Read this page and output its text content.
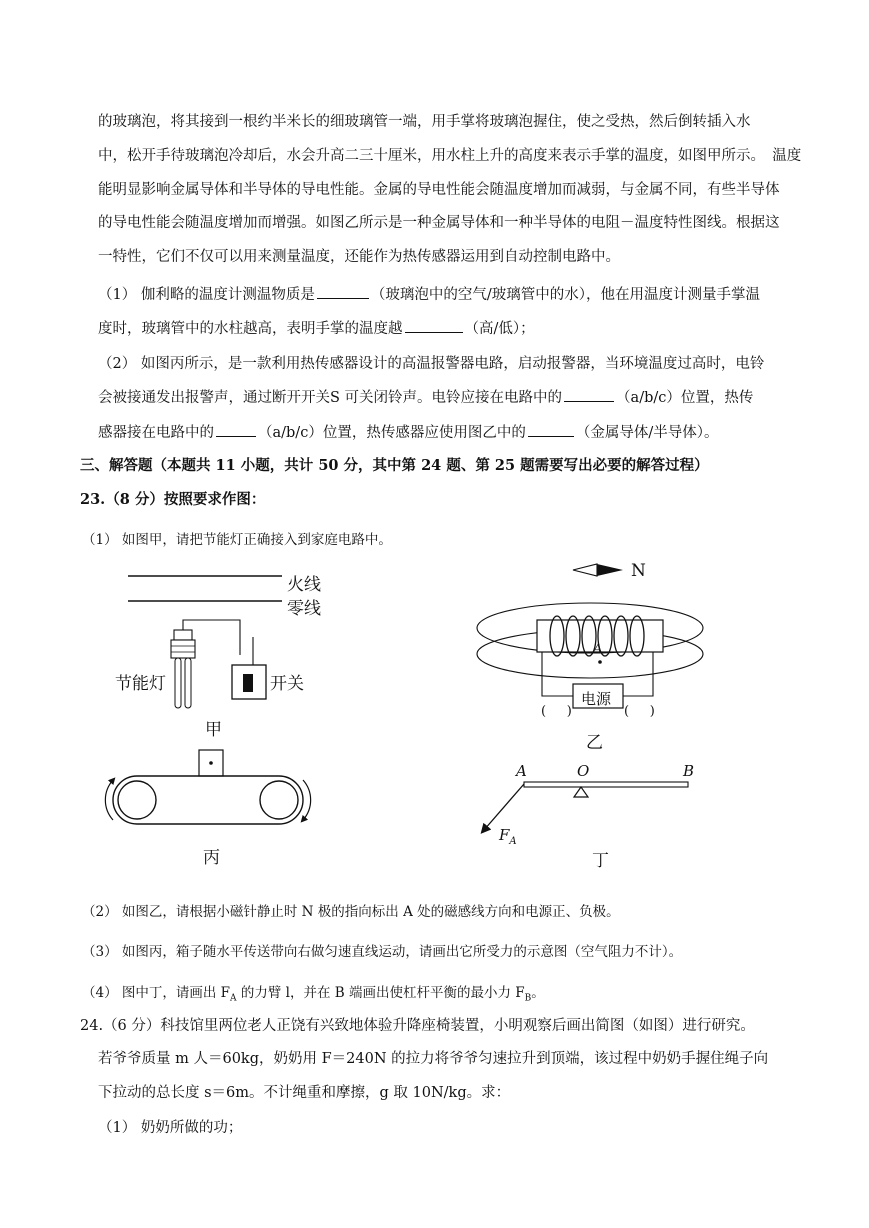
的玻璃泡，将其接到一根约半米长的细玻璃管一端，用手掌将玻璃泡握住，使之受热，然后倒转插入水
中，松开手待玻璃泡冷却后，水会升高二三十厘米，用水柱上升的高度来表示手掌的温度，如图甲所示。　温度
能明显影响金属导体和半导体的导电性能。金属的导电性能会随温度增加而减弱，与金属不同，有些半导体
的导电性能会随温度增加而增强。如图乙所示是一种金属导体和一种半导体的电阻－温度特性图线。根据这
一特性，它们不仅可以用来测量温度，还能作为热传感器运用到自动控制电路中。
（1） 伽利略的温度计测温物质是	（玻璃泡中的空气/玻璃管中的水），他在用温度计测量手掌温
度时，玻璃管中的水柱越高，表明手掌的温度越	（高/低）；
（2） 如图丙所示，是一款利用热传感器设计的高温报警器电路，启动报警器，当环境温度过高时，电铃
会被接通发出报警声，通过断开开关S 可关闭铃声。电铃应接在电路中的	（a/b/c）位置，热传
感器接在电路中的	（a/b/c）位置，热传感器应使用图乙中的	（金属导体/半导体）。
三、解答题（本题共 11 小题，共计 50 分，其中第 24 题、第 25 题需要写出必要的解答过程）
23.（8 分）按照要求作图：
（1） 如图甲，请把节能灯正确接入到家庭电路中。
火线
零线
节能灯	开关
甲
N
A
电源
(     )	(     )
乙
丙
A	O	B
$F_A$
丁
（2） 如图乙，请根据小磁针静止时 N 极的指向标出 A 处的磁感线方向和电源正、负极。
（3） 如图丙，箱子随水平传送带向右做匀速直线运动，请画出它所受力的示意图（空气阻力不计）。
（4） 图中丁，请画出 $F_A$ 的力臂 l，并在 B 端画出使杠杆平衡的最小力 $F_B$。
24.（6 分）科技馆里两位老人正饶有兴致地体验升降座椅装置，小明观察后画出简图（如图）进行研究。
若爷爷质量 m 人＝60kg，奶奶用 F＝240N 的拉力将爷爷匀速拉升到顶端，该过程中奶奶手握住绳子向
下拉动的总长度 s＝6m。不计绳重和摩擦，g 取 10N/kg。求：
（1） 奶奶所做的功；
